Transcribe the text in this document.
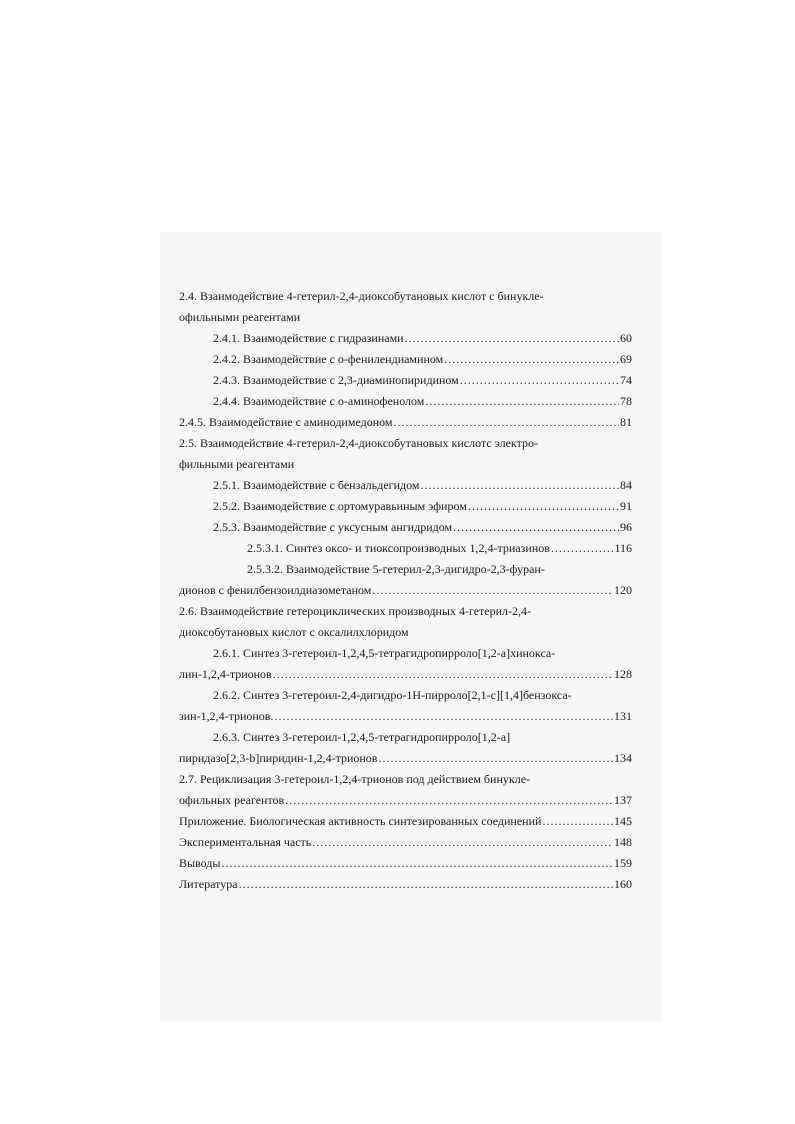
2.4. Взаимодействие 4-гетерил-2,4-диоксобутановых кислот с бинукле-
офильными реагентами
2.4.1. Взаимодействие с гидразинами .....	60
2.4.2. Взаимодействие с о-фенилендиамином .....	69
2.4.3. Взаимодействие с 2,3-диаминопиридином .....	74
2.4.4. Взаимодействие с о-аминофенолом .....	78
2.4.5. Взаимодействие с аминодимедоном .....	81
2.5. Взаимодействие 4-гетерил-2,4-диоксобутановых кислотс электро-
фильными реагентами
2.5.1. Взаимодействие с бензальдегидом .....	84
2.5.2. Взаимодействие с ортомуравьиным эфиром .....	91
2.5.3. Взаимодействие с уксусным ангидридом .....	96
2.5.3.1. Синтез оксо- и тиоксопроизводных 1,2,4-триазинов .....	116
2.5.3.2. Взаимодействие 5-гетерил-2,3-дигидро-2,3-фуран-
дионов с фенилбензоилдиазометаном .....	120
2.6. Взаимодействие гетероциклических производных 4-гетерил-2,4-
диоксобутановых кислот с оксалилхлоридом
2.6.1. Синтез 3-гетероил-1,2,4,5-тетрагидропирроло[1,2-а]хинокса-
лин-1,2,4-трионов .....	128
2.6.2. Синтез 3-гетероил-2,4-дигидро-1Н-пирроло[2,1-с][1,4]бензокса-
зин-1,2,4-трионов. .....	131
2.6.3. Синтез 3-гетероил-1,2,4,5-тетрагидропирроло[1,2-а]
пиридазо[2,3-b]пиридин-1,2,4-трионов .....	134
2.7. Рециклизация 3-гетероил-1,2,4-трионов под действием бинукле-
офильных реагентов .....	137
Приложение. Биологическая активность синтезированных соединений .....	145
Экспериментальная часть .....	148
Выводы .....	159
Литература .....	160
